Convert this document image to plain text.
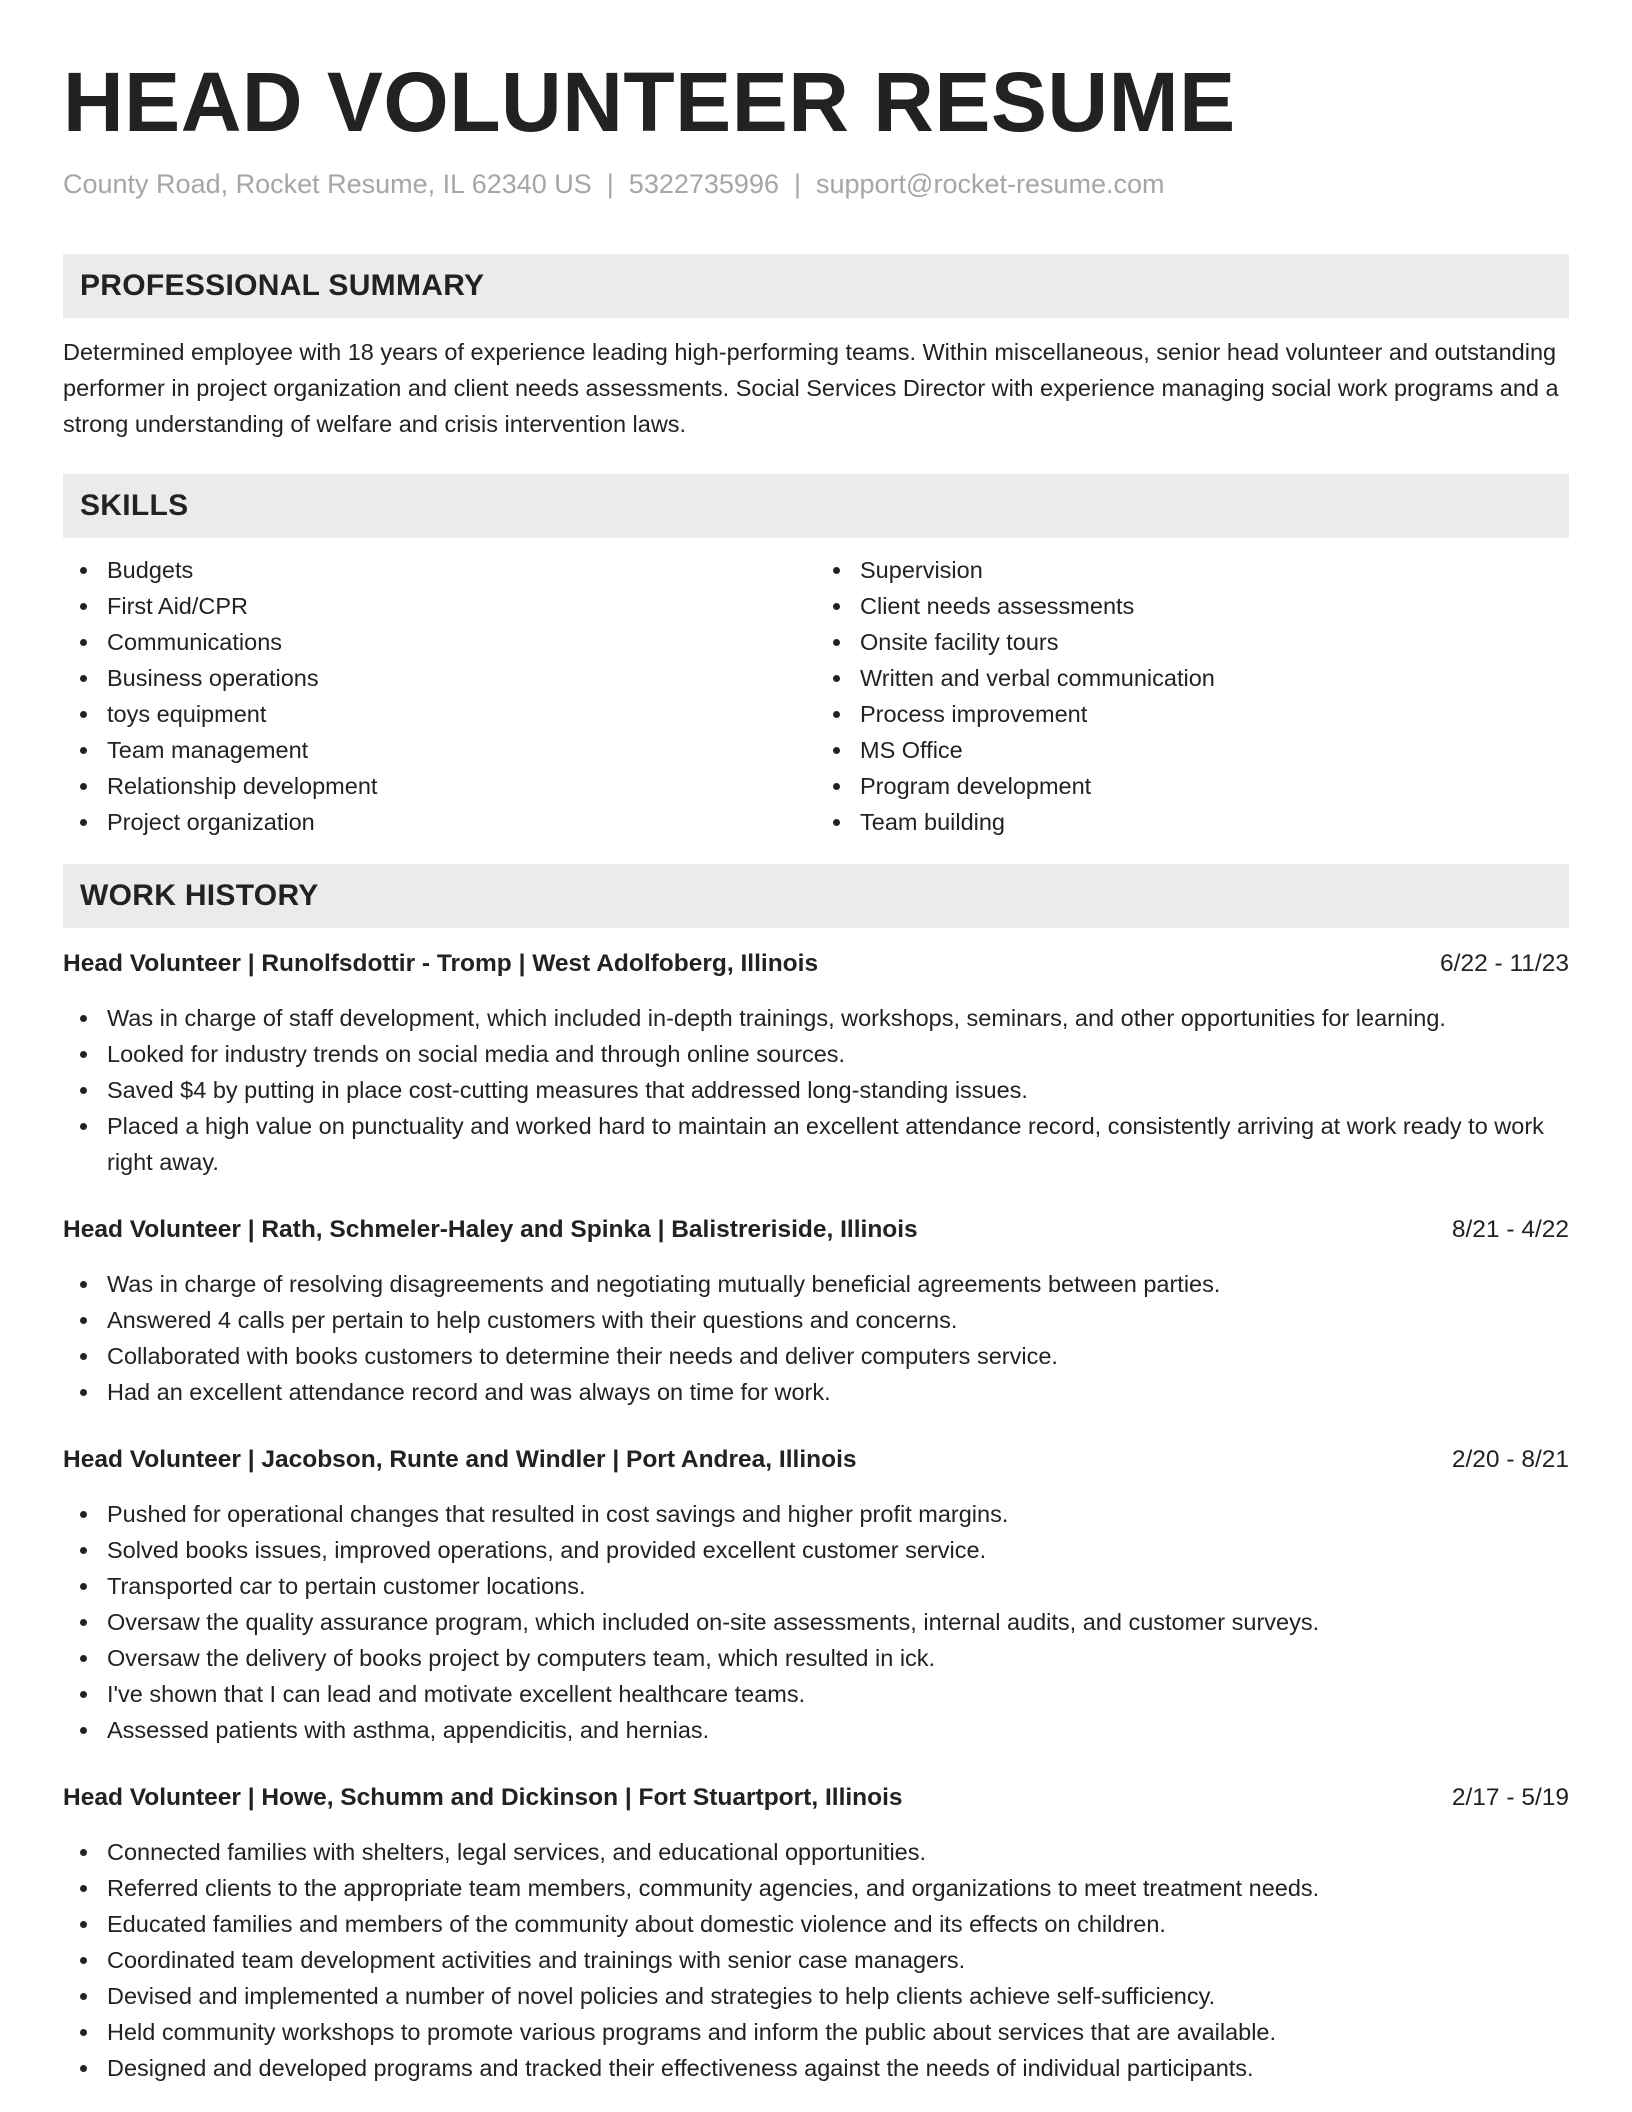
HEAD VOLUNTEER RESUME
County Road, Rocket Resume, IL 62340 US | 5322735996 | support@rocket-resume.com
PROFESSIONAL SUMMARY

Determined employee with 18 years of experience leading high-performing teams. Within miscellaneous, senior head volunteer and outstanding performer in project organization and client needs assessments. Social Services Director with experience managing social work programs and a strong understanding of welfare and crisis intervention laws.

SKILLS
Budgets
First Aid/CPR
Communications
Business operations
toys equipment
Team management
Relationship development
Project organization
Supervision
Client needs assessments
Onsite facility tours
Written and verbal communication
Process improvement
MS Office
Program development
Team building
WORK HISTORY
Head Volunteer | Runolfsdottir - Tromp | West Adolfoberg, Illinois	6/22 - 11/23
Was in charge of staff development, which included in-depth trainings, workshops, seminars, and other opportunities for learning.
Looked for industry trends on social media and through online sources.
Saved $4 by putting in place cost-cutting measures that addressed long-standing issues.
Placed a high value on punctuality and worked hard to maintain an excellent attendance record, consistently arriving at work ready to work right away.
Head Volunteer | Rath, Schmeler-Haley and Spinka | Balistreriside, Illinois	8/21 - 4/22
Was in charge of resolving disagreements and negotiating mutually beneficial agreements between parties.
Answered 4 calls per pertain to help customers with their questions and concerns.
Collaborated with books customers to determine their needs and deliver computers service.
Had an excellent attendance record and was always on time for work.
Head Volunteer | Jacobson, Runte and Windler | Port Andrea, Illinois	2/20 - 8/21
Pushed for operational changes that resulted in cost savings and higher profit margins.
Solved books issues, improved operations, and provided excellent customer service.
Transported car to pertain customer locations.
Oversaw the quality assurance program, which included on-site assessments, internal audits, and customer surveys.
Oversaw the delivery of books project by computers team, which resulted in ick.
I've shown that I can lead and motivate excellent healthcare teams.
Assessed patients with asthma, appendicitis, and hernias.
Head Volunteer | Howe, Schumm and Dickinson | Fort Stuartport, Illinois	2/17 - 5/19
Connected families with shelters, legal services, and educational opportunities.
Referred clients to the appropriate team members, community agencies, and organizations to meet treatment needs.
Educated families and members of the community about domestic violence and its effects on children.
Coordinated team development activities and trainings with senior case managers.
Devised and implemented a number of novel policies and strategies to help clients achieve self-sufficiency.
Held community workshops to promote various programs and inform the public about services that are available.
Designed and developed programs and tracked their effectiveness against the needs of individual participants.
